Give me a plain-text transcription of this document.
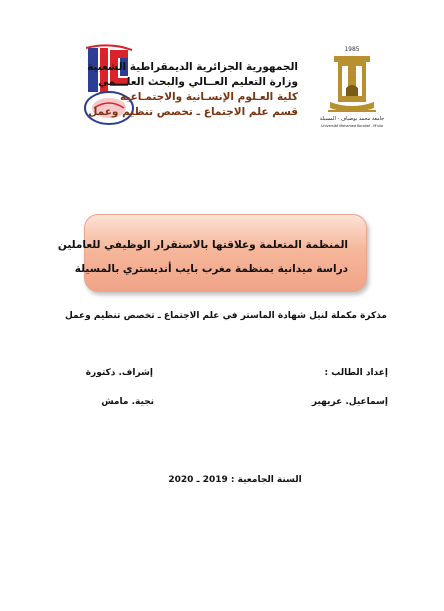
الجمهورية الجزائرية الديمقراطية الشعبية
وزارة التعليم العــالي والبحث العلـــمي
كلية العـلوم الإنسـانية والاجتمـاعية
قسم علم الاجتماع ـ تخصص تنظيم وعمل
1985
جامعة محمد بوضياف - المسيلة
Université Mohamed Boudiaf - M'sila
المنظمة المتعلمة وعلاقتها بالاستقرار الوظيفي للعاملين
دراسة ميدانية بمنظمة مغرب بايب أنديستري بالمسيلة
مذكرة مكملة لنيل شهادة الماستر في علم الاجتماع ـ تخصص تنظيم وعمل
إعداد الطالب :
إشراف. دكتورة
إسماعيل. عريهير
نجية. مامش
السنة الجامعية : 2019 ـ 2020
